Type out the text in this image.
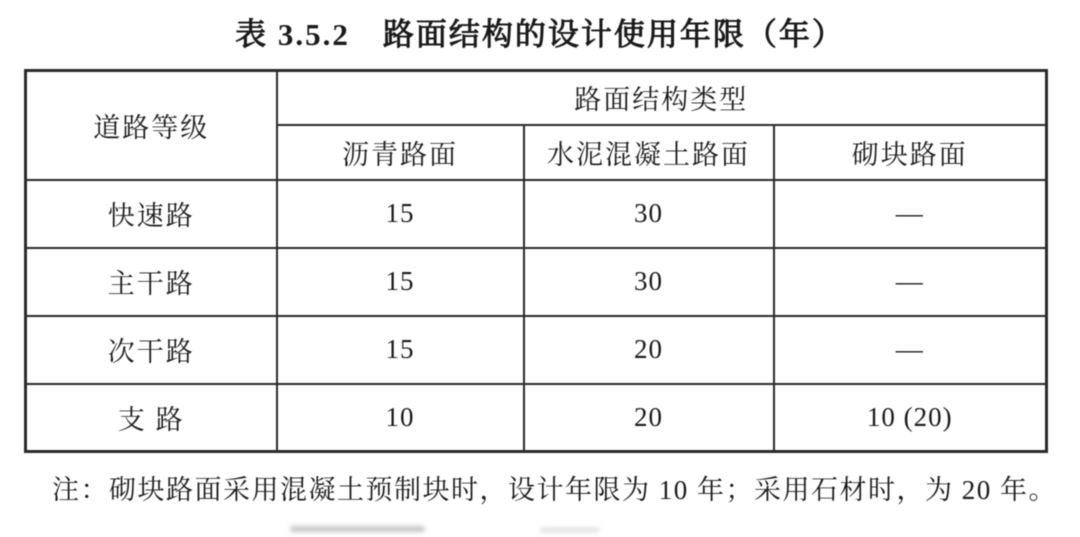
表 3.5.2　路面结构的设计使用年限（年）
道路等级	路面结构类型		
	沥青路面	水泥混凝土路面	砌块路面
快速路	15	30	—
主干路	15	30	—
次干路	15	20	—
支 路	10	20	10 (20)
注：砌块路面采用混凝土预制块时，设计年限为 10 年；采用石材时，为 20 年。
